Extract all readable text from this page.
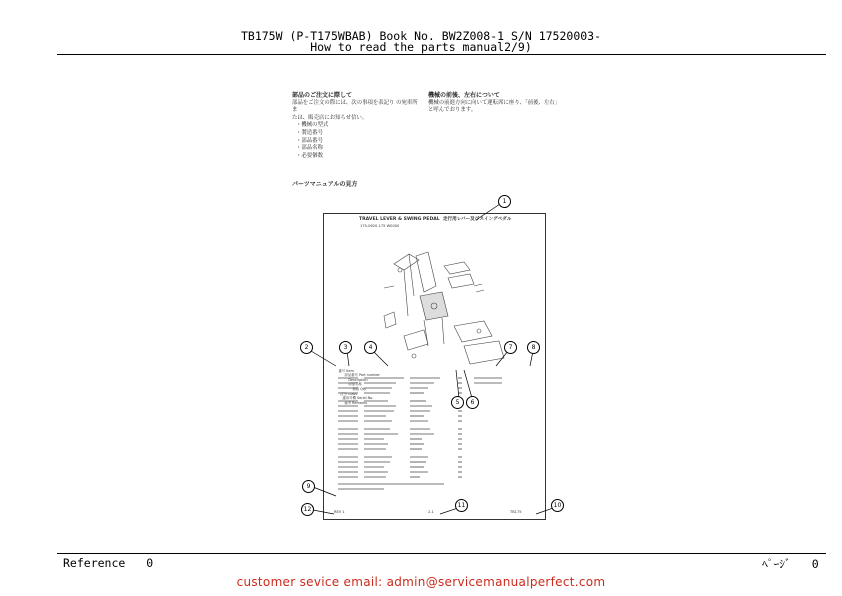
TB175W (P-T175WBAB) Book No. BW2Z008-1 S/N 17520003-
How to read the parts manual2/9)
部品のご注文に際して
部品をご注文の際には、次の事項を表記り の宛車所ま
たは、販売店にお知らせ信い。
・機械の型式
・製造番号
・部品番号
・部品名称
・必要個数
機械の前後、左右について
機械の前進方向に向いて運転席に座り、「前後、左右」
と呼んでおります。
パーツマニュアルの見方
TRAVEL LEVER & SWING PEDAL  走行用レバー及びスイングペダル
175-0620-175 W0000

番号 Item
部品番号 Part number
Description
部品名称
個数 Qty
区分 Class
適用号機 Serial No.
備考 Remarks

REV 1	2-1	TB175
1
2	3	4
5	6
7	8
9
10
11
12
Reference 0	ﾍﾟｰｼﾞ 0
customer sevice email: admin@servicemanualperfect.com
